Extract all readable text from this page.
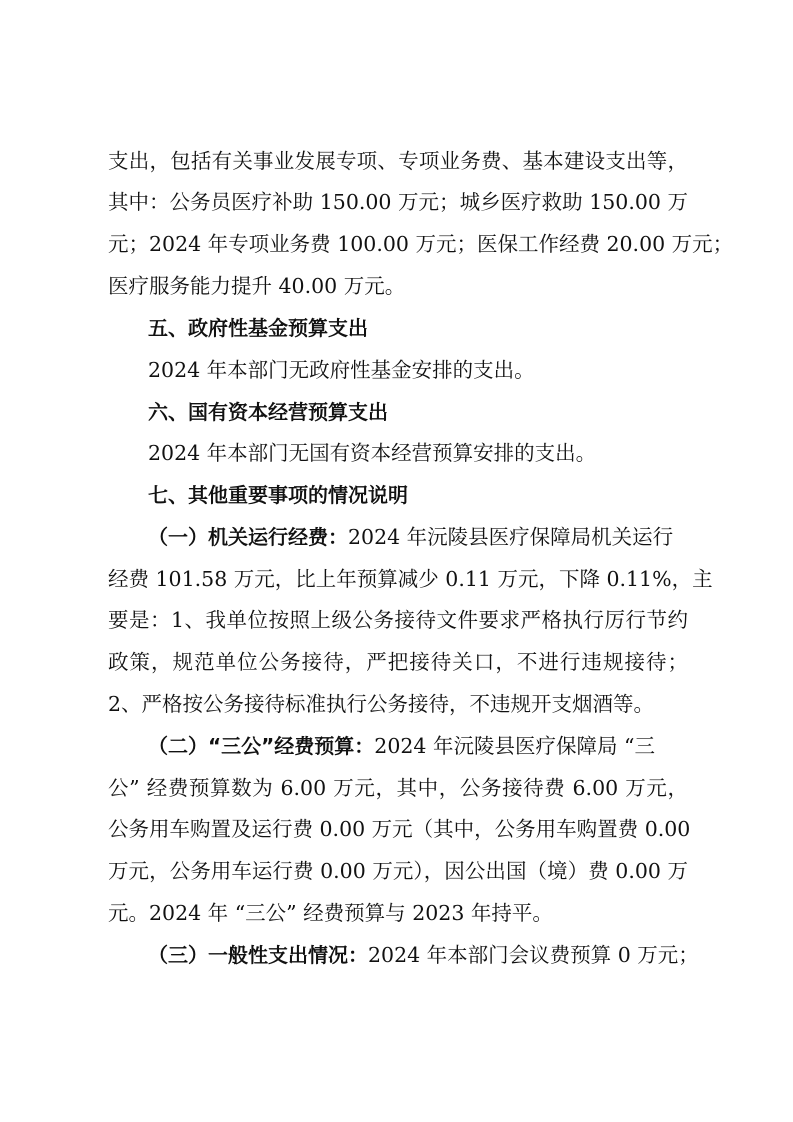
支出，包括有关事业发展专项、专项业务费、基本建设支出等，
其中：公务员医疗补助 150.00 万元；城乡医疗救助 150.00 万
元；2024 年专项业务费 100.00 万元；医保工作经费 20.00 万元；
医疗服务能力提升 40.00 万元。
五、政府性基金预算支出
2024 年本部门无政府性基金安排的支出。
六、国有资本经营预算支出
2024 年本部门无国有资本经营预算安排的支出。
七、其他重要事项的情况说明
（一）机关运行经费：2024 年沅陵县医疗保障局机关运行
经费 101.58 万元，比上年预算减少 0.11 万元，下降 0.11%，主
要是：1、我单位按照上级公务接待文件要求严格执行厉行节约
政策，规范单位公务接待，严把接待关口，不进行违规接待；
2、严格按公务接待标准执行公务接待，不违规开支烟酒等。
（二）“三公”经费预算：2024 年沅陵县医疗保障局 “三
公” 经费预算数为 6.00 万元，其中，公务接待费 6.00 万元，
公务用车购置及运行费 0.00 万元（其中，公务用车购置费 0.00
万元，公务用车运行费 0.00 万元），因公出国（境）费 0.00 万
元。2024 年 “三公” 经费预算与 2023 年持平。
（三）一般性支出情况：2024 年本部门会议费预算 0 万元；
